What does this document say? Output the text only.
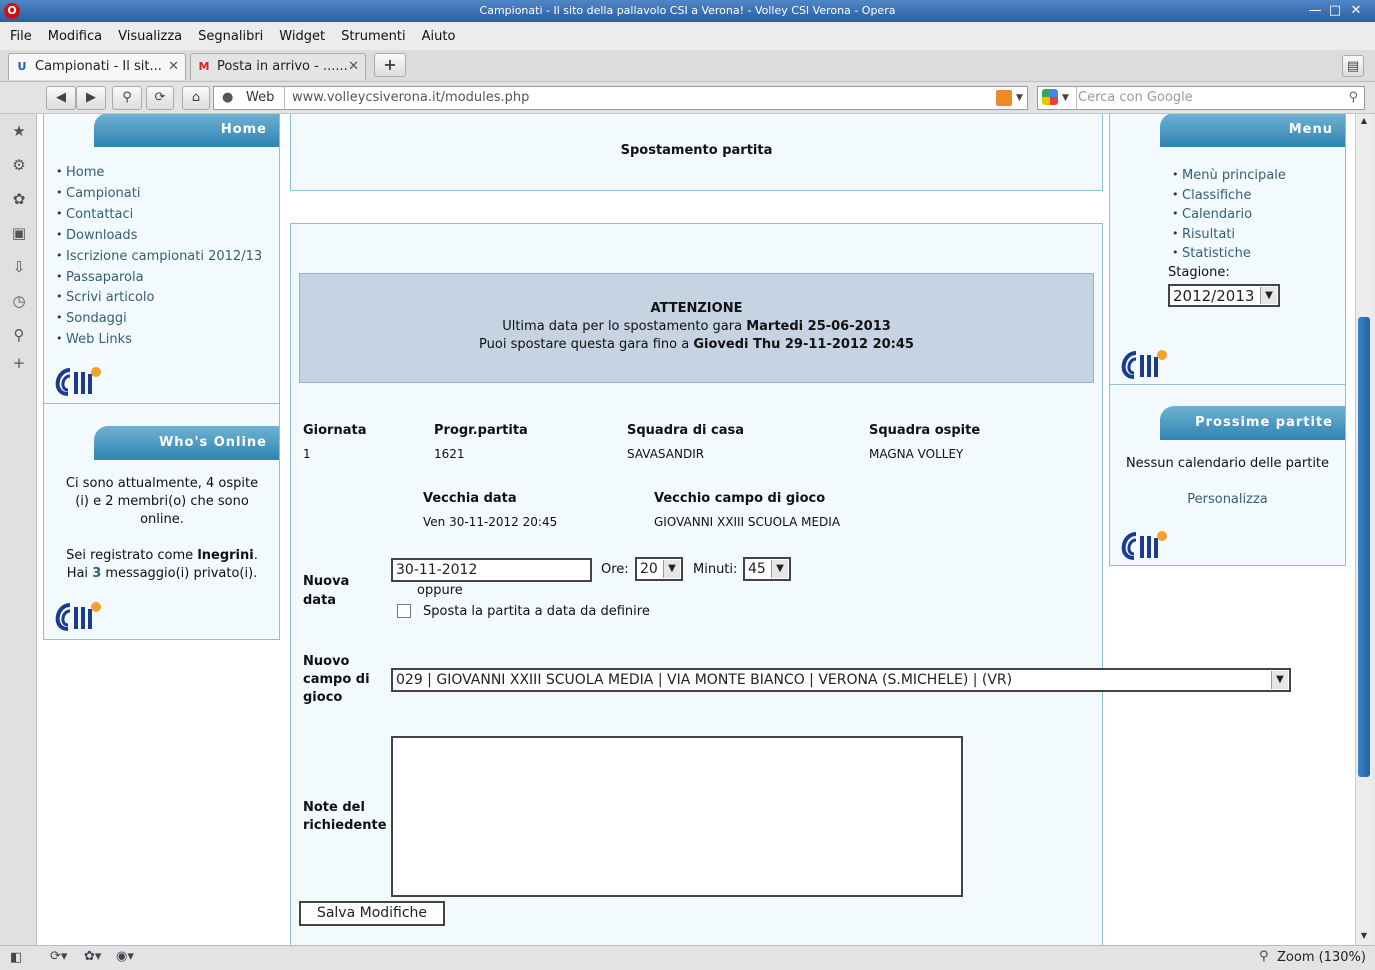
O	Campionati - Il sito della pallavolo CSI a Verona! - Volley CSI Verona - Opera	— □ ✕
File Modifica Visualizza Segnalibri Widget Strumenti Aiuto
U Campionati - Il sit... ✕ M Posta in arrivo - ...... ✕	+	▤
◀	▶	⚲	⟳	⌂	● Web www.volleycsiverona.it/modules.php	▼	▼ Cerca con Google	⚲
★
⚙
✿
▣
⇩
◷
⚲
+
Home
• Home
• Campionati
• Contattaci
• Downloads
• Iscrizione campionati 2012/13
• Passaparola
• Scrivi articolo
• Sondaggi
• Web Links
Who's Online
Ci sono attualmente, 4 ospite
(i) e 2 membri(o) che sono
online.
Sei registrato come lnegrini.
Hai 3 messaggio(i) privato(i).
Spostamento partita
ATTENZIONE
Ultima data per lo spostamento gara Martedi 25-06-2013
Puoi spostare questa gara fino a Giovedi Thu 29-11-2012 20:45
Giornata	Progr.partita	Squadra di casa	Squadra ospite
1	1621	SAVASANDIR	MAGNA VOLLEY
Vecchia data	Vecchio campo di gioco
Ven 30-11-2012 20:45	GIOVANNI XXIII SCUOLA MEDIA
Nuova
data
30-11-2012	Ore: 20	▼	Minuti: 45	▼
oppure
Sposta la partita a data da definire
Nuovo
campo di
gioco
029 | GIOVANNI XXIII SCUOLA MEDIA | VIA MONTE BIANCO | VERONA (S.MICHELE) | (VR)	▼
Note del
richiedente
Salva Modifiche
Menu
• Menù principale
• Classifiche
• Calendario
• Risultati
• Statistiche
Stagione:
2012/2013	▼
Prossime partite
Nessun calendario delle partite
Personalizza
▲
▼
◧ ⟳▾ ✿▾ ◉▾	⚲ Zoom (130%)
